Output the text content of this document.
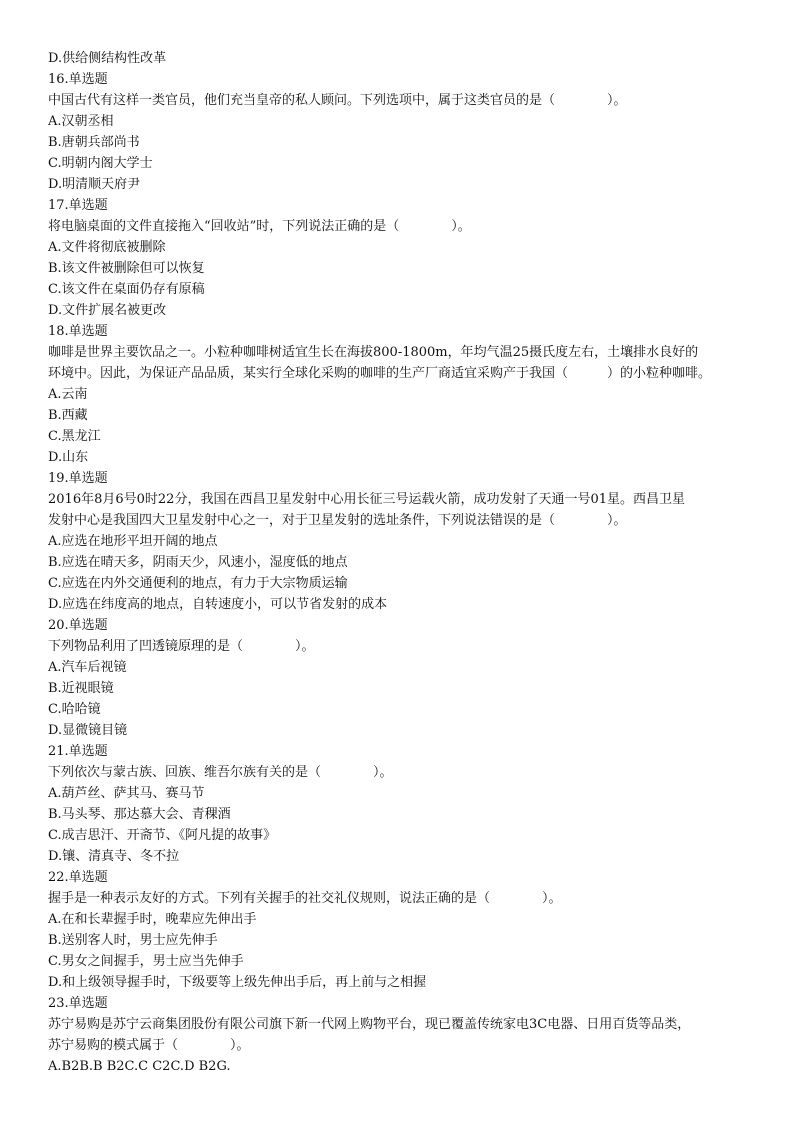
D.供给侧结构性改革
16.单选题
中国古代有这样一类官员，他们充当皇帝的私人顾问。下列选项中，属于这类官员的是（　　　　）。
A.汉朝丞相
B.唐朝兵部尚书
C.明朝内阁大学士
D.明清顺天府尹
17.单选题
将电脑桌面的文件直接拖入“回收站”时，下列说法正确的是（　　　　）。
A.文件将彻底被删除
B.该文件被删除但可以恢复
C.该文件在桌面仍存有原稿
D.文件扩展名被更改
18.单选题
咖啡是世界主要饮品之一。小粒种咖啡树适宜生长在海拔800-1800m，年均气温25摄氏度左右，土壤排水良好的
环境中。因此，为保证产品品质，某实行全球化采购的咖啡的生产厂商适宜采购产于我国（　　　）的小粒种咖啡。
A.云南
B.西藏
C.黑龙江
D.山东
19.单选题
2016年8月6号0时22分，我国在西昌卫星发射中心用长征三号运载火箭，成功发射了天通一号01星。西昌卫星
发射中心是我国四大卫星发射中心之一，对于卫星发射的选址条件，下列说法错误的是（　　　　）。
A.应选在地形平坦开阔的地点
B.应选在晴天多，阴雨天少，风速小，湿度低的地点
C.应选在内外交通便利的地点，有力于大宗物质运输
D.应选在纬度高的地点，自转速度小，可以节省发射的成本
20.单选题
下列物品利用了凹透镜原理的是（　　　　）。
A.汽车后视镜
B.近视眼镜
C.哈哈镜
D.显微镜目镜
21.单选题
下列依次与蒙古族、回族、维吾尔族有关的是（　　　　）。
A.葫芦丝、萨其马、赛马节
B.马头琴、那达慕大会、青稞酒
C.成吉思汗、开斋节、《阿凡提的故事》
D.镶、清真寺、冬不拉
22.单选题
握手是一种表示友好的方式。下列有关握手的社交礼仪规则，说法正确的是（　　　　）。
A.在和长辈握手时，晚辈应先伸出手
B.送别客人时，男士应先伸手
C.男女之间握手，男士应当先伸手
D.和上级领导握手时，下级要等上级先伸出手后，再上前与之相握
23.单选题
苏宁易购是苏宁云商集团股份有限公司旗下新一代网上购物平台，现已覆盖传统家电3C电器、日用百货等品类，
苏宁易购的模式属于（　　　　）。
A.B2B.B B2C.C C2C.D B2G.
